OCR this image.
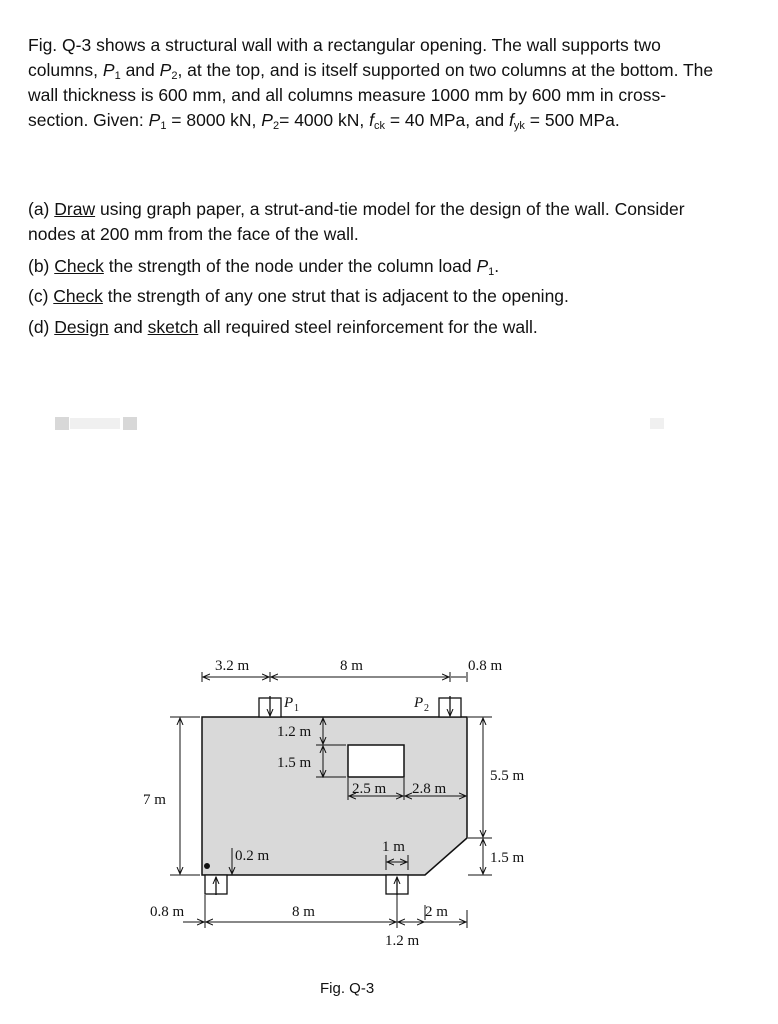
Fig. Q-3 shows a structural wall with a rectangular opening. The wall supports two columns, $P_1$ and $P_2$, at the top, and is itself supported on two columns at the bottom. The wall thickness is 600 mm, and all columns measure 1000 mm by 600 mm in cross-section. Given: $P_1 = 8000$ kN, $P_2= 4000$ kN, $f_{ck} = 40$ MPa, and $f_{yk} = 500$ MPa.

(a) Draw using graph paper, a strut-and-tie model for the design of the wall. Consider nodes at 200 mm from the face of the wall.
(b) Check the strength of the node under the column load $P_1$.
(c) Check the strength of any one strut that is adjacent to the opening.
(d) Design and sketch all required steel reinforcement for the wall.
3.2 m	8 m	0.8 m
P 1	P 2
1.2 m
1.5 m
7 m
5.5 m
1.5 m
2.5 m 2.8 m
1 m
0.2 m
0.8 m	8 m	2 m
1.2 m
Fig. Q-3
